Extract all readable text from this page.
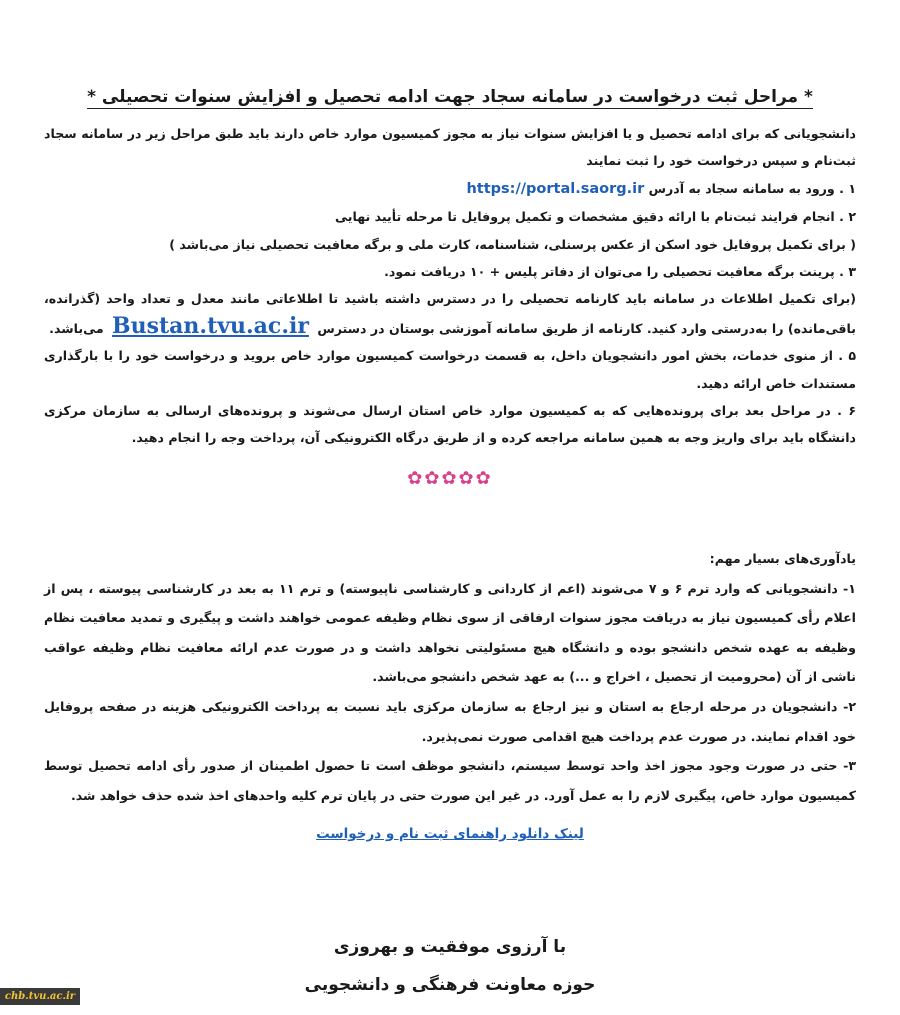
* مراحل ثبت درخواست در سامانه سجاد جهت ادامه تحصیل و افزایش سنوات تحصیلی *

دانشجویانی که برای ادامه تحصیل و یا افزایش سنوات نیاز به مجوز کمیسیون موارد خاص دارند باید طبق مراحل زیر در سامانه سجاد ثبت‌نام و سپس درخواست خود را ثبت نمایند

۱ . ورود به سامانه سجاد به آدرس https://portal.saorg.ir

۲ . انجام فرایند ثبت‌نام با ارائه دقیق مشخصات و تکمیل پروفایل تا مرحله تأیید نهایی

( برای تکمیل پروفایل خود اسکن از عکس پرسنلی، شناسنامه، کارت ملی و برگه معافیت تحصیلی نیاز می‌باشد )

۳ . پرینت برگه معافیت تحصیلی را می‌توان از دفاتر پلیس + ۱۰ دریافت نمود.

(برای تکمیل اطلاعات در سامانه باید کارنامه تحصیلی را در دسترس داشته باشید تا اطلاعاتی مانند معدل و تعداد واحد (گذرانده، باقی‌مانده) را به‌درستی وارد کنید. کارنامه از طریق سامانه آموزشی بوستان در دسترس Bustan.tvu.ac.ir می‌باشد.

۵ . از منوی خدمات، بخش امور دانشجویان داخل، به قسمت درخواست کمیسیون موارد خاص بروید و درخواست خود را با بارگذاری مستندات خاص ارائه دهید.

۶ . در مراحل بعد برای پرونده‌هایی که به کمیسیون موارد خاص استان ارسال می‌شوند و پرونده‌های ارسالی به سازمان مرکزی دانشگاه باید برای واریز وجه به همین سامانه مراجعه کرده و از طریق درگاه الکترونیکی آن، پرداخت وجه را انجام دهید.

✿✿✿✿✿

یادآوری‌های بسیار مهم:

۱- دانشجویانی که وارد ترم ۶ و ۷ می‌شوند (اعم از کاردانی و کارشناسی ناپیوسته) و ترم ۱۱ به بعد در کارشناسی پیوسته ، پس از اعلام رأی کمیسیون نیاز به دریافت مجوز سنوات ارفاقی از سوی نظام وظیفه عمومی خواهند داشت و پیگیری و تمدید معافیت نظام وظیفه به عهده شخص دانشجو بوده و دانشگاه هیچ مسئولیتی نخواهد داشت و در صورت عدم ارائه معافیت نظام وظیفه عواقب ناشی از آن (محرومیت از تحصیل ، اخراج و ...) به عهد شخص دانشجو می‌باشد.

۲- دانشجویان در مرحله ارجاع به استان و نیز ارجاع به سازمان مرکزی باید نسبت به پرداخت الکترونیکی هزینه در صفحه پروفایل خود اقدام نمایند. در صورت عدم پرداخت هیچ اقدامی صورت نمی‌پذیرد.

۳- حتی در صورت وجود مجوز اخذ واحد توسط سیستم، دانشجو موظف است تا حصول اطمینان از صدور رأی ادامه تحصیل توسط کمیسیون موارد خاص، پیگیری لازم را به عمل آورد. در غیر این صورت حتی در پایان ترم کلیه واحدهای اخذ شده حذف خواهد شد.

لینک دانلود راهنمای ثبت نام و درخواست
با آرزوی موفقیت و بهروزی
حوزه معاونت فرهنگی و دانشجویی
chb.tvu.ac.ir
